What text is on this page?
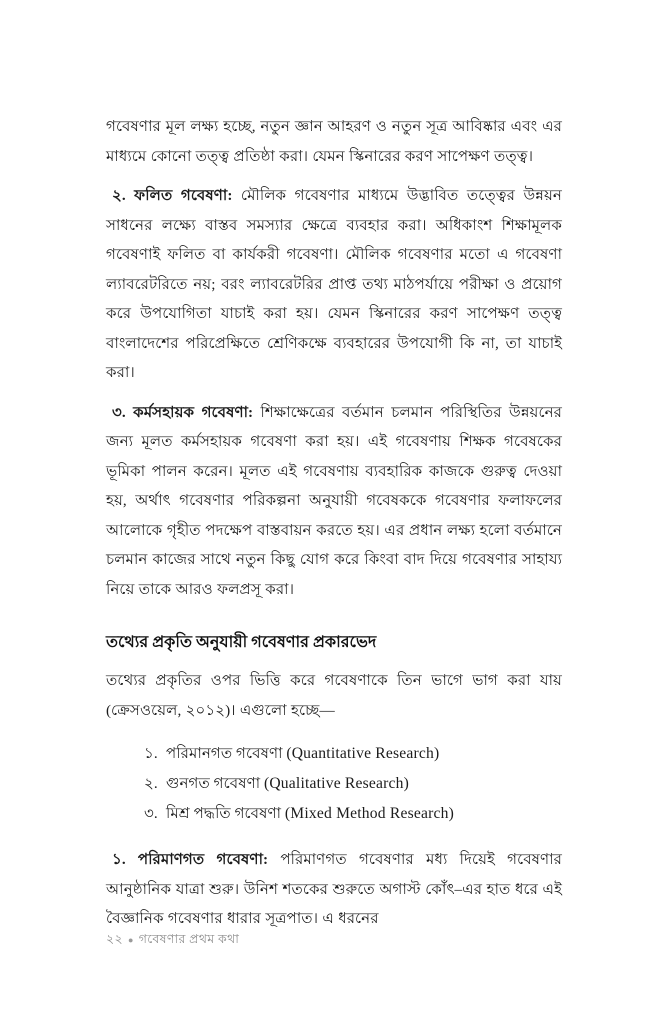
গবেষণার মূল লক্ষ্য হচ্ছে, নতুন জ্ঞান আহরণ ও নতুন সূত্র আবিষ্কার এবং এর মাধ্যমে কোনো তত্ত্ব প্রতিষ্ঠা করা। যেমন স্কিনারের করণ সাপেক্ষণ তত্ত্ব।

২. ফলিত গবেষণা: মৌলিক গবেষণার মাধ্যমে উদ্ভাবিত তত্ত্বের উন্নয়ন সাধনের লক্ষ্যে বাস্তব সমস্যার ক্ষেত্রে ব্যবহার করা। অধিকাংশ শিক্ষামূলক গবেষণাই ফলিত বা কার্যকরী গবেষণা। মৌলিক গবেষণার মতো এ গবেষণা ল্যাবরেটরিতে নয়; বরং ল্যাবরেটরির প্রাপ্ত তথ্য মাঠপর্যায়ে পরীক্ষা ও প্রয়োগ করে উপযোগিতা যাচাই করা হয়। যেমন স্কিনারের করণ সাপেক্ষণ তত্ত্ব বাংলাদেশের পরিপ্রেক্ষিতে শ্রেণিকক্ষে ব্যবহারের উপযোগী কি না, তা যাচাই করা।

৩. কর্মসহায়ক গবেষণা: শিক্ষাক্ষেত্রের বর্তমান চলমান পরিস্থিতির উন্নয়নের জন্য মূলত কর্মসহায়ক গবেষণা করা হয়। এই গবেষণায় শিক্ষক গবেষকের ভূমিকা পালন করেন। মূলত এই গবেষণায় ব্যবহারিক কাজকে গুরুত্ব দেওয়া হয়, অর্থাৎ গবেষণার পরিকল্পনা অনুযায়ী গবেষককে গবেষণার ফলাফলের আলোকে গৃহীত পদক্ষেপ বাস্তবায়ন করতে হয়। এর প্রধান লক্ষ্য হলো বর্তমানে চলমান কাজের সাথে নতুন কিছু যোগ করে কিংবা বাদ দিয়ে গবেষণার সাহায্য নিয়ে তাকে আরও ফলপ্রসূ করা।

তথ্যের প্রকৃতি অনুযায়ী গবেষণার প্রকারভেদ

তথ্যের প্রকৃতির ওপর ভিত্তি করে গবেষণাকে তিন ভাগে ভাগ করা যায় (ক্রেসওয়েল, ২০১২)। এগুলো হচ্ছে—

১. পরিমানগত গবেষণা (Quantitative Research)
২. গুনগত গবেষণা (Qualitative Research)
৩. মিশ্র পদ্ধতি গবেষণা (Mixed Method Research)

১. পরিমাণগত গবেষণা: পরিমাণগত গবেষণার মধ্য দিয়েই গবেষণার আনুষ্ঠানিক যাত্রা শুরু। উনিশ শতকের শুরুতে অগাস্ট কোঁৎ–এর হাত ধরে এই বৈজ্ঞানিক গবেষণার ধারার সূত্রপাত। এ ধরনের

২২ ● গবেষণার প্রথম কথা
